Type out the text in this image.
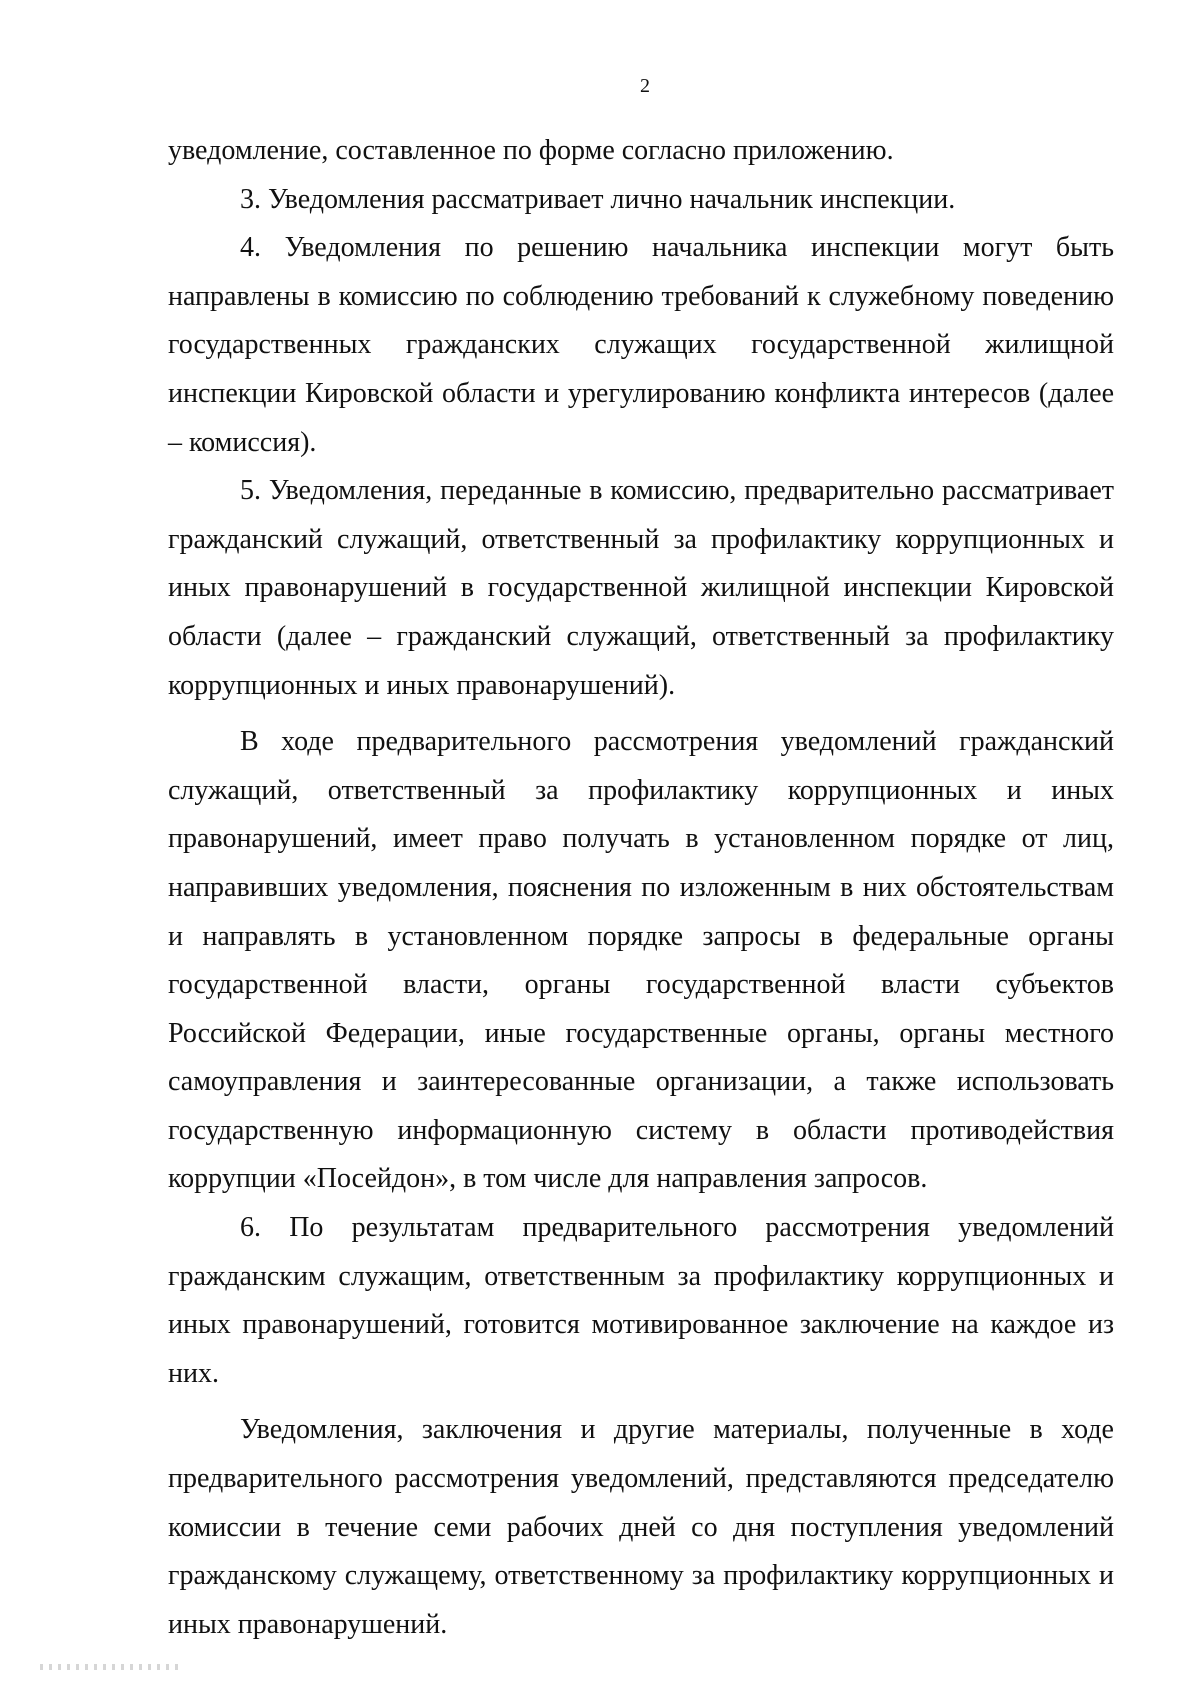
2

уведомление, составленное по форме согласно приложению.

3. Уведомления рассматривает лично начальник инспекции.

4. Уведомления по решению начальника инспекции могут быть направлены в комиссию по соблюдению требований к служебному поведению государственных гражданских служащих государственной жилищной инспекции Кировской области и урегулированию конфликта интересов (далее – комиссия).

5. Уведомления, переданные в комиссию, предварительно рассматривает гражданский служащий, ответственный за профилактику коррупционных и иных правонарушений в государственной жилищной инспекции Кировской области (далее – гражданский служащий, ответственный за профилактику коррупционных и иных правонарушений).

В ходе предварительного рассмотрения уведомлений гражданский служащий, ответственный за профилактику коррупционных и иных правонарушений, имеет право получать в установленном порядке от лиц, направивших уведомления, пояснения по изложенным в них обстоятельствам и направлять в установленном порядке запросы в федеральные органы государственной власти, органы государственной власти субъектов Российской Федерации, иные государственные органы, органы местного самоуправления и заинтересованные организации, а также использовать государственную информационную систему в области противодействия коррупции «Посейдон», в том числе для направления запросов.

6. По результатам предварительного рассмотрения уведомлений гражданским служащим, ответственным за профилактику коррупционных и иных правонарушений, готовится мотивированное заключение на каждое из них.

Уведомления, заключения и другие материалы, полученные в ходе предварительного рассмотрения уведомлений, представляются председателю комиссии в течение семи рабочих дней со дня поступления уведомлений гражданскому служащему, ответственному за профилактику коррупционных и иных правонарушений.
